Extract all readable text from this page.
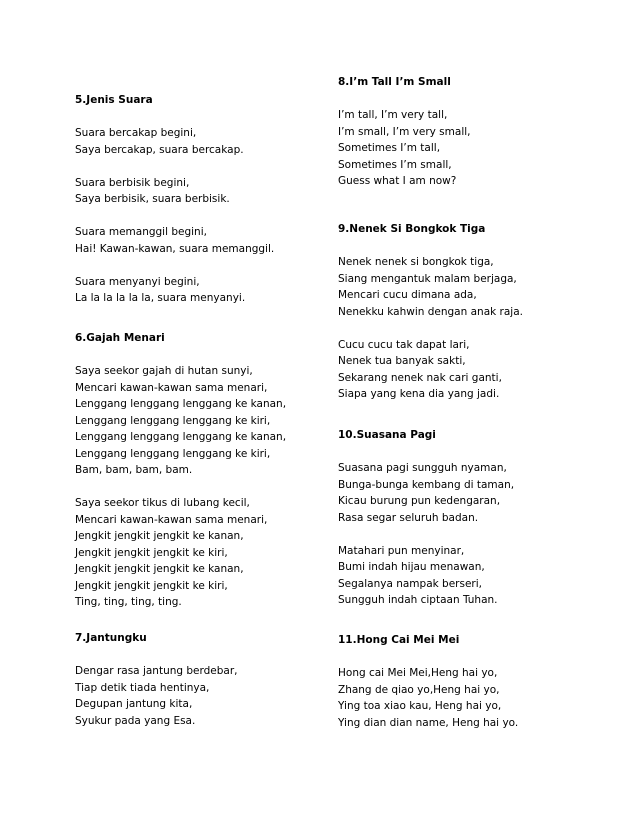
5.Jenis Suara
Suara bercakap begini,
Saya bercakap, suara bercakap.
Suara berbisik begini,
Saya berbisik, suara berbisik.
Suara memanggil begini,
Hai! Kawan-kawan, suara memanggil.
Suara menyanyi begini,
La la la la la la, suara menyanyi.
6.Gajah Menari
Saya seekor gajah di hutan sunyi,
Mencari kawan-kawan sama menari,
Lenggang lenggang lenggang ke kanan,
Lenggang lenggang lenggang ke kiri,
Lenggang lenggang lenggang ke kanan,
Lenggang lenggang lenggang ke kiri,
Bam, bam, bam, bam.
Saya seekor tikus di lubang kecil,
Mencari kawan-kawan sama menari,
Jengkit jengkit jengkit ke kanan,
Jengkit jengkit jengkit ke kiri,
Jengkit jengkit jengkit ke kanan,
Jengkit jengkit jengkit ke kiri,
Ting, ting, ting, ting.
7.Jantungku
Dengar rasa jantung berdebar,
Tiap detik tiada hentinya,
Degupan jantung kita,
Syukur pada yang Esa.
8.I’m Tall I’m Small
I’m tall, I’m very tall,
I’m small, I’m very small,
Sometimes I’m tall,
Sometimes I’m small,
Guess what I am now?
9.Nenek Si Bongkok Tiga
Nenek nenek si bongkok tiga,
Siang mengantuk malam berjaga,
Mencari cucu dimana ada,
Nenekku kahwin dengan anak raja.
Cucu cucu tak dapat lari,
Nenek tua banyak sakti,
Sekarang nenek nak cari ganti,
Siapa yang kena dia yang jadi.
10.Suasana Pagi
Suasana pagi sungguh nyaman,
Bunga-bunga kembang di taman,
Kicau burung pun kedengaran,
Rasa segar seluruh badan.
Matahari pun menyinar,
Bumi indah hijau menawan,
Segalanya nampak berseri,
Sungguh indah ciptaan Tuhan.
11.Hong Cai Mei Mei
Hong cai Mei Mei,Heng hai yo,
Zhang de qiao yo,Heng hai yo,
Ying toa xiao kau, Heng hai yo,
Ying dian dian name, Heng hai yo.
